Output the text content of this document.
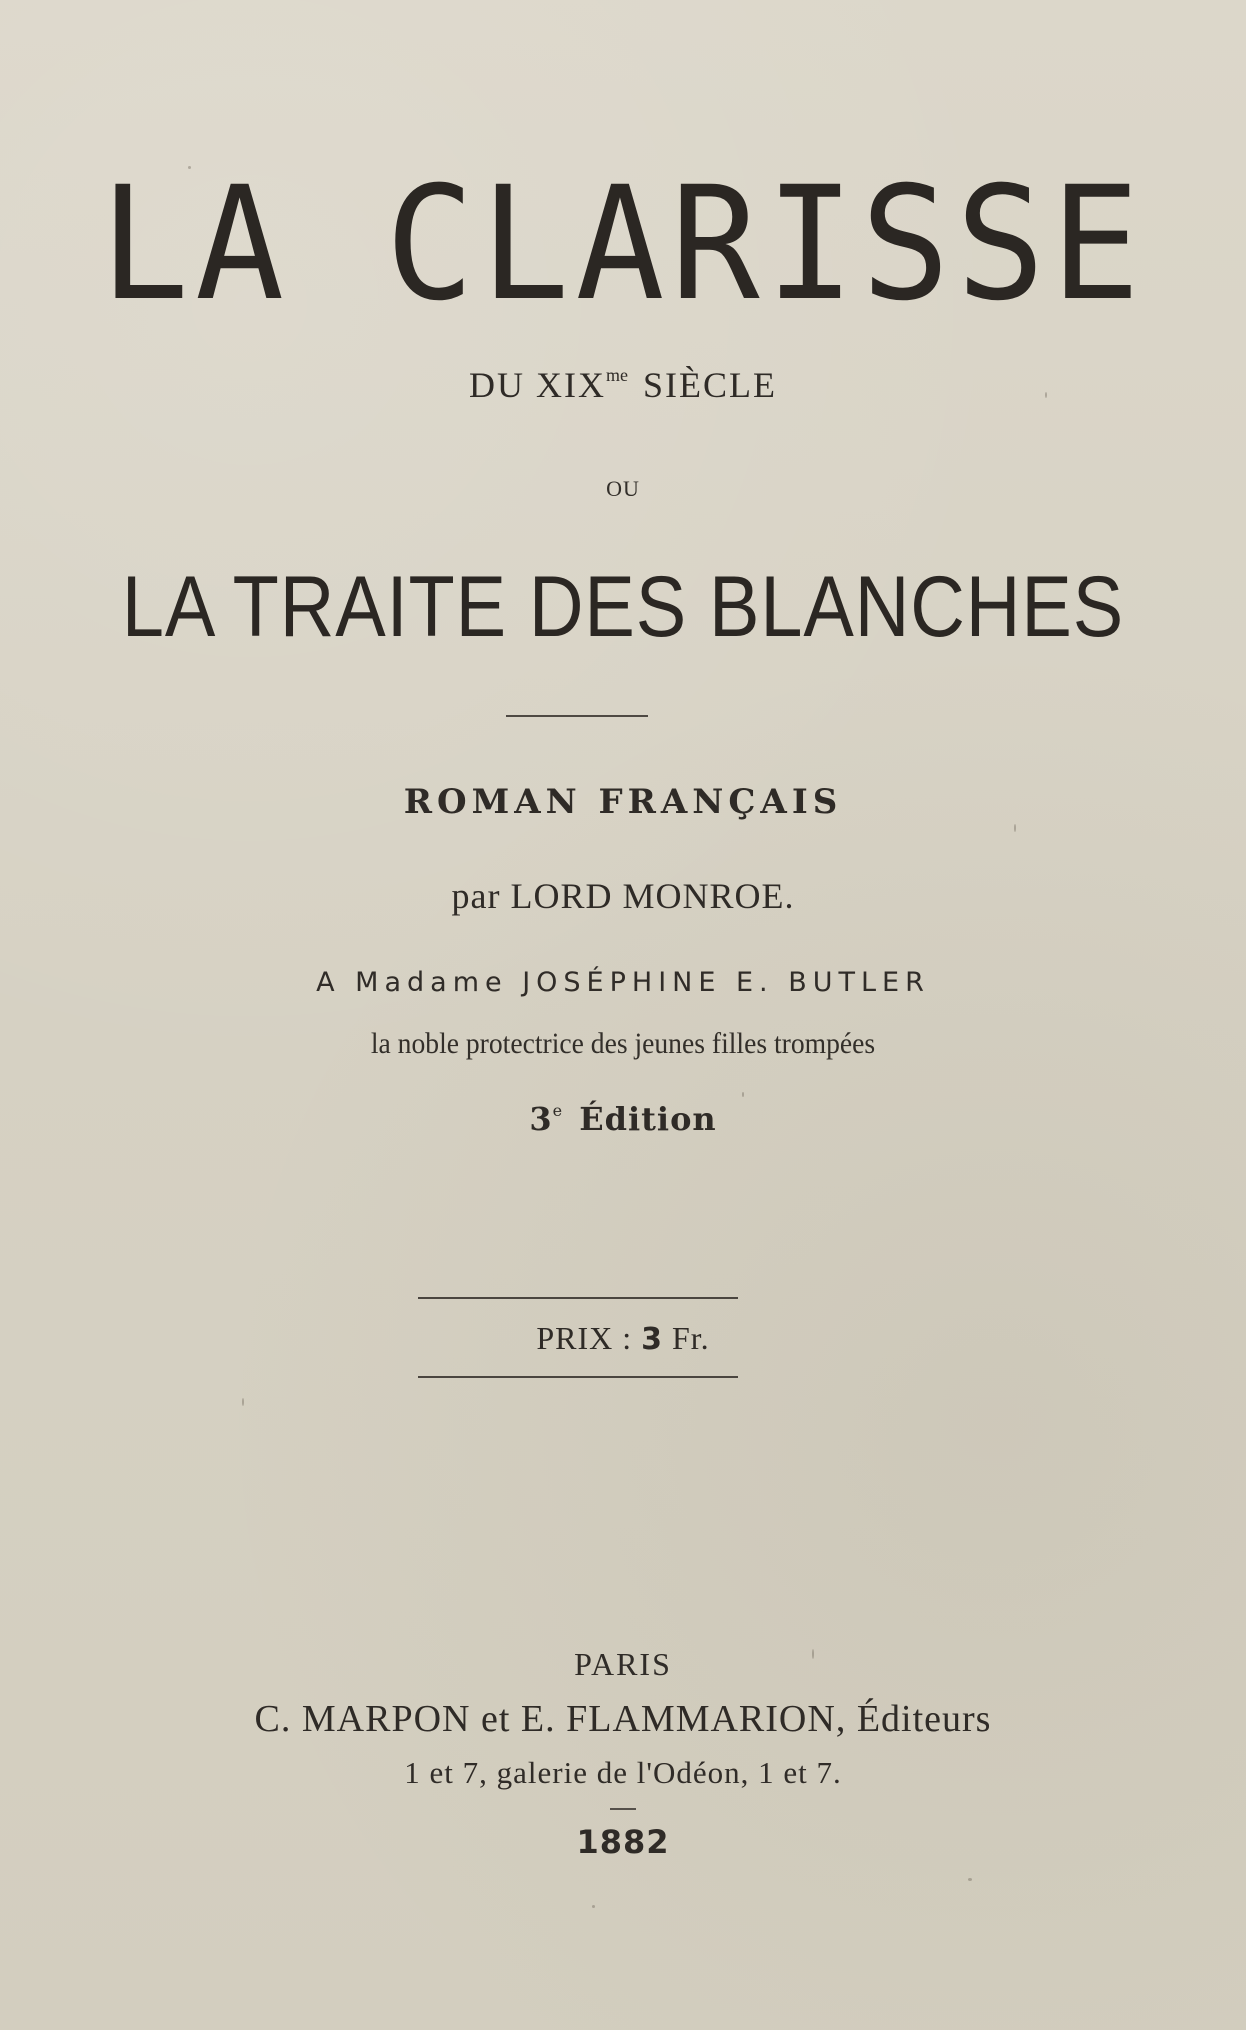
LA CLARISSE
DU $XIX^{me}$ SIÈCLE
OU
LA TRAITE DES BLANCHES
ROMAN FRANÇAIS
par LORD MONROE.
A Madame JOSÉPHINE E. BUTLER
la noble protectrice des jeunes filles trompées
3e Édition
PRIX : 3 Fr.
PARIS
C. MARPON et E. FLAMMARION, Éditeurs
1 et 7, galerie de l'Odéon, 1 et 7.
1882
